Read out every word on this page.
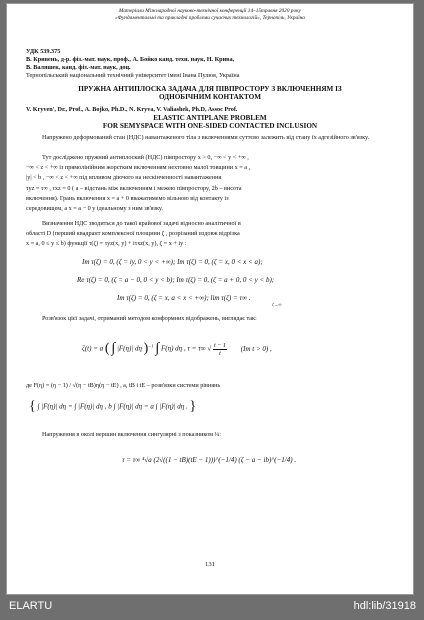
Матеріали Міжнародної науково-технічної конференції 14–15травня 2020 року
«Фундаментальні та прикладні проблеми сучасних технологій», Тернопіль, Україна
УДК 539.375
В. Кривень, д-р. фіз.-мат. наук, проф., А. Бойко канд. техн. наук, Н. Крива,
В. Валяшек, канд. фіз.-мат. наук, доц.
Тернопільський національний технічний університет імені Івана Пулюя, Україна
ПРУЖНА АНТИПЛОСКА ЗАДАЧА ДЛЯ ПІВПРОСТОРУ З ВКЛЮЧЕННЯМ ІЗ
ОДНОБІЧНИМ КОНТАКТОМ
V. Kryven', Dr., Prof., A. Bojko, Ph.D., N. Kryva, V. Valiashek, Ph.D, Assoc Prof.
ELASTIC ANTIPLANE PROBLEM
FOR SEMYSPACE WITH ONE-SIDED CONTACTED INCLUSION
Напружено деформований стан (НДС) навантаженого тіла з включеннями суттєво залежить від стану їх адгезійного зв'язку.
Тут досліджено пружний антиплоский (НДС) півпростору x > 0, −∞ < y < +∞ ,
−∞ < z < +∞ із прямолінійним жорстким включенням нехтовно малої товщини x = a ,
|y| < b , −∞ < z < +∞ під впливом діючого на нескінченності навантаження
τyz = τ∞ , τxz = 0 ( a – відстань між включенням і межею півпростору, 2b – висота
включення). Грань включення x = a + 0 вважатимемо вільною від контакту із
середовищем, а x = a − 0 у ідеальному з ним зв'язку.
Визначення НДС зводиться до такої крайової задачі відносно аналітичної в
області D (перший квадрант комплексної площини ζ , розрізаний вздовж відрізка
x = a, 0 ≤ y ≤ b) функції τ(ζ) = τyz(x, y) + iτxz(x, y), ζ = x + iy :
Im τ(ζ) = 0, (ζ = iy, 0 < y < +∞); Im τ(ζ) = 0, (ζ = x, 0 < x < a);
Re τ(ζ) = 0, (ζ = a − 0, 0 < y < b); Im τ(ζ) = 0, (ζ = a + 0, 0 < y < b);
Im τ(ζ) = 0, (ζ = x, a < x < +∞); lim τ(ζ) = τ∞ .
ζ→∞
Розв'язок цієї задачі, отриманий методом конформних відображень, виглядає так:
ζ(t) = a ( ∫ |F(η)| dη )$^{-1}$ ∫ F(η) dη , τ = τ∞ √ $\frac{t - 1}{t} (Im$ t > 0) ,
де F(η) = (η − 1) / √(η − tB)η(η − tE) , а, tB і tE – розв'язки системи рівнянь
{ ∫ |F(η)| dη = ∫ |F(η)| dη , b ∫ |F(η)| dη = a ∫ |F(η)| dη . }
Напруження в околі вершин включення сингулярні з показником ¼:
τ = τ∞ ⁴√a (2√((1 − tB)(tE − 1)))^(−1/4) (ζ − a − ib)^(−1/4) .
131
ELARTU	hdl:lib/31918
